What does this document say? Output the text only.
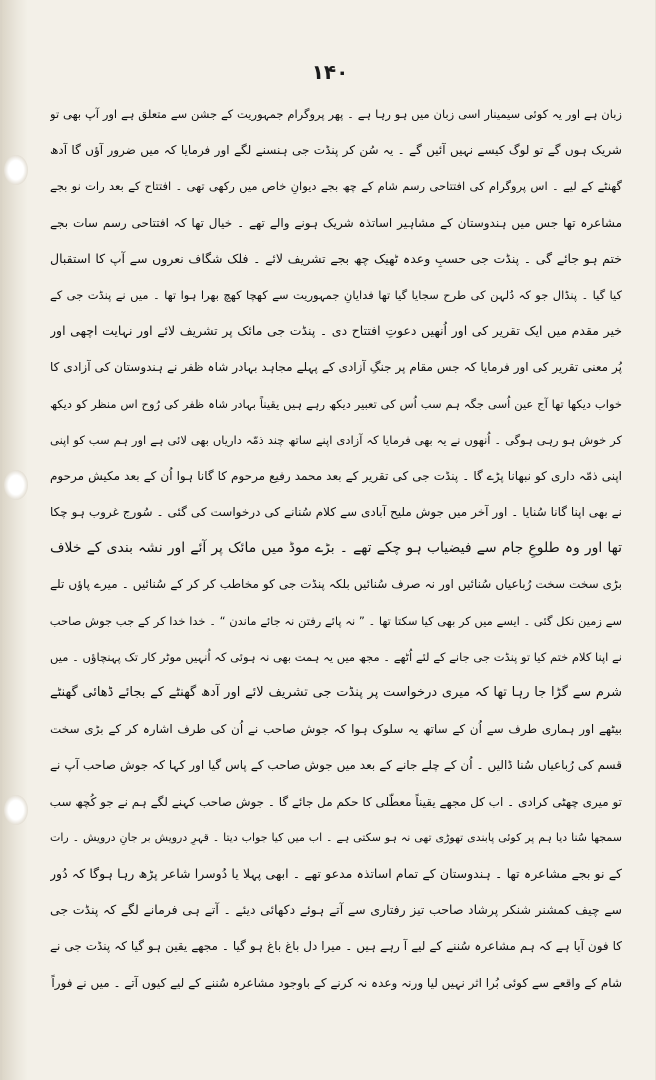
۱۴۰
زبان ہے اور یہ کوئی سیمینار اسی زبان میں ہو رہا ہے ۔ پھر پروگرام جمہوریت کے جشن سے متعلق ہے اور آپ بھی تو
شریک ہوں گے تو لوگ کیسے نہیں آئیں گے ۔ یہ سُن کر پنڈت جی ہنسنے لگے اور فرمایا کہ میں ضرور آؤں گا آدھ
گھنٹے کے لیے ۔ اس پروگرام کی افتتاحی رسم شام کے چھ بجے دیوانِ خاص میں رکھی تھی ۔ افتتاح کے بعد رات نو بجے
مشاعرہ تھا جس میں ہندوستان کے مشاہیر اساتذہ شریک ہونے والے تھے ۔ خیال تھا کہ افتتاحی رسم سات بجے
ختم ہو جائے گی ۔ پنڈت جی حسبِ وعدہ ٹھیک چھ بجے تشریف لائے ۔ فلک شگاف نعروں سے آپ کا استقبال
کیا گیا ۔ پنڈال جو کہ دُلہن کی طرح سجایا گیا تھا فدایانِ جمہوریت سے کھچا کھچ بھرا ہوا تھا ۔ میں نے پنڈت جی کے
خیر مقدم میں ایک تقریر کی اور اُنھیں دعوتِ افتتاح دی ۔ پنڈت جی مائک پر تشریف لائے اور نہایت اچھی اور
پُر معنی تقریر کی اور فرمایا کہ جس مقام پر جنگِ آزادی کے پہلے مجاہد بہادر شاہ ظفر نے ہندوستان کی آزادی کا
خواب دیکھا تھا آج عین اُسی جگہ ہم سب اُس کی تعبیر دیکھ رہے ہیں یقیناً بہادر شاہ ظفر کی رُوح اس منظر کو دیکھ
کر خوش ہو رہی ہوگی ۔ اُنھوں نے یہ بھی فرمایا کہ آزادی اپنے ساتھ چند ذمّہ داریاں بھی لائی ہے اور ہم سب کو اپنی
اپنی ذمّہ داری کو نبھانا پڑے گا ۔ پنڈت جی کی تقریر کے بعد محمد رفیع مرحوم کا گانا ہوا اُن کے بعد مکیش مرحوم
نے بھی اپنا گانا سُنایا ۔ اور آخر میں جوش ملیح آبادی سے کلام سُنانے کی درخواست کی گئی ۔ سُورج غروب ہو چکا
تھا اور وہ طلوعِ جام سے فیضیاب ہو چکے تھے ۔ بڑے موڈ میں مائک پر آئے اور نشہ بندی کے خلاف
بڑی سخت سخت رُباعیاں سُنائیں اور نہ صرف سُنائیں بلکہ پنڈت جی کو مخاطب کر کر کے سُنائیں ۔ میرے پاؤں تلے
سے زمین نکل گئی ۔ ایسے میں کر بھی کیا سکتا تھا ۔ ” نہ پائے رفتن نہ جائے ماندن “ ۔ خدا خدا کر کے جب جوش صاحب
نے اپنا کلام ختم کیا تو پنڈت جی جانے کے لئے اُٹھے ۔ مجھ میں یہ ہمت بھی نہ ہوئی کہ اُنہیں موٹر کار تک پہنچاؤں ۔ میں
شرم سے گڑا جا رہا تھا کہ میری درخواست پر پنڈت جی تشریف لائے اور آدھ گھنٹے کے بجائے ڈھائی گھنٹے
بیٹھے اور ہماری طرف سے اُن کے ساتھ یہ سلوک ہوا کہ جوش صاحب نے اُن کی طرف اشارہ کر کے بڑی سخت
قسم کی رُباعیاں سُنا ڈالیں ۔ اُن کے چلے جانے کے بعد میں جوش صاحب کے پاس گیا اور کہا کہ جوش صاحب آپ نے
تو میری چھٹی کرادی ۔ اب کل مجھے یقیناً معطّلی کا حکم مل جائے گا ۔ جوش صاحب کہنے لگے ہم نے جو کُچھ سب
سمجھا سُنا دیا ہم پر کوئی پابندی تھوڑی تھی نہ ہو سکتی ہے ۔ اب میں کیا جواب دیتا ۔ قہرِ درویش بر جانِ درویش ۔ رات
کے نو بجے مشاعرہ تھا ۔ ہندوستان کے تمام اساتذہ مدعو تھے ۔ ابھی پہلا یا دُوسرا شاعر پڑھ رہا ہوگا کہ دُور
سے چیف کمشنر شنکر پرشاد صاحب تیز رفتاری سے آتے ہوئے دکھائی دیئے ۔ آتے ہی فرمانے لگے کہ پنڈت جی
کا فون آیا ہے کہ ہم مشاعرہ سُننے کے لیے آ رہے ہیں ۔ میرا دل باغ باغ ہو گیا ۔ مجھے یقین ہو گیا کہ پنڈت جی نے
شام کے واقعے سے کوئی بُرا اثر نہیں لیا ورنہ وعدہ نہ کرنے کے باوجود مشاعرہ سُننے کے لیے کیوں آتے ۔ میں نے فوراً
